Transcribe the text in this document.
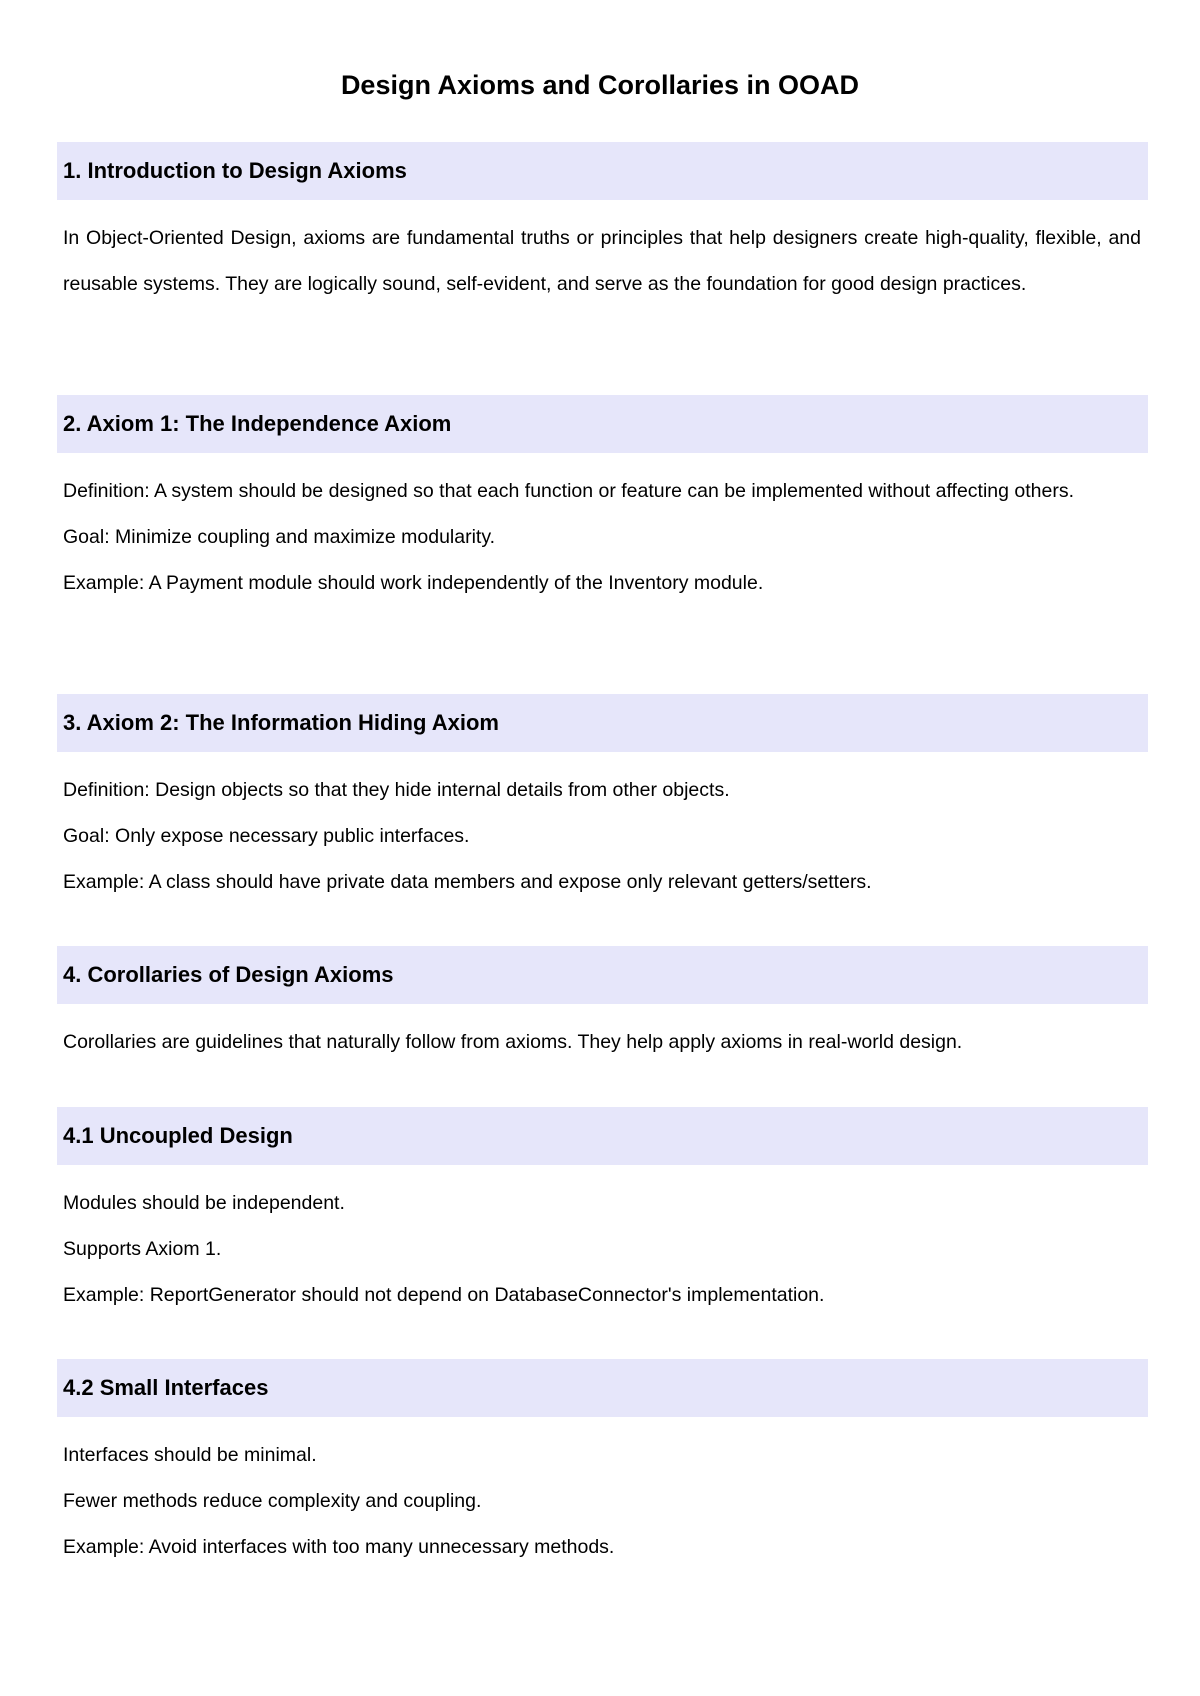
Design Axioms and Corollaries in OOAD
1. Introduction to Design Axioms

In Object-Oriented Design, axioms are fundamental truths or principles that help designers create high-quality, flexible, and reusable systems. They are logically sound, self-evident, and serve as the foundation for good design practices.

2. Axiom 1: The Independence Axiom

Definition: A system should be designed so that each function or feature can be implemented without affecting others.

Goal: Minimize coupling and maximize modularity.

Example: A Payment module should work independently of the Inventory module.

3. Axiom 2: The Information Hiding Axiom

Definition: Design objects so that they hide internal details from other objects.

Goal: Only expose necessary public interfaces.

Example: A class should have private data members and expose only relevant getters/setters.

4. Corollaries of Design Axioms

Corollaries are guidelines that naturally follow from axioms. They help apply axioms in real-world design.

4.1 Uncoupled Design

Modules should be independent.

Supports Axiom 1.

Example: ReportGenerator should not depend on DatabaseConnector's implementation.

4.2 Small Interfaces

Interfaces should be minimal.

Fewer methods reduce complexity and coupling.

Example: Avoid interfaces with too many unnecessary methods.
